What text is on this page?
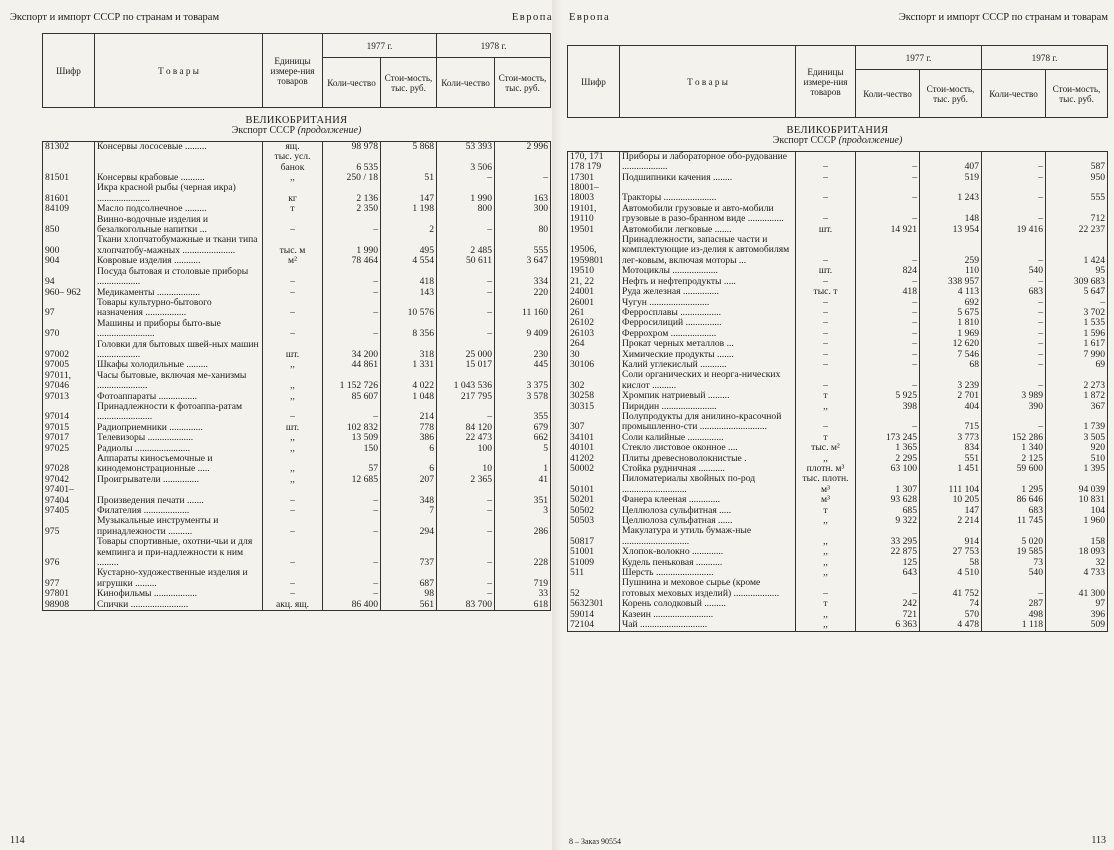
Экспорт и импорт СССР по странам и товарам	Европа
Шифр	Т о в а р ы	Единицы измере-ния товаров	1977 г.		1978 г.	
			Коли-чество	Стои-мость, тыс. руб.	Коли-чество	Стои-мость, тыс. руб.

ВЕЛИКОБРИТАНИЯ
Экспорт СССР (продолжение)						

81302	Консервы лососевые .........	ящ.	98 978	5 868	53 393	2 996
		тыс. усл. банок	6 535		3 506	
81501	Консервы крабовые ..........	,,	250 / 18	51	–	–
81601	Икра красной рыбы (черная икра) ......................	кг	2 136	147	1 990	163
84109	Масло подсолнечное .........	т	2 350	1 198	800	300
850	Винно-водочные изделия и безалкогольные напитки ...	–	–	2	–	80
900	Ткани хлопчатобумажные и ткани типа хлопчатобу-мажных ......................	тыс. м	1 990	495	2 485	555
904	Ковровые изделия ...........	м²	78 464	4 554	50 611	3 647
94	Посуда бытовая и столовые приборы ..................	–	–	418	–	334
960– 962	Медикаменты ..................	–	–	143	–	220
97	Товары культурно-бытового назначения .................	–	–	10 576	–	11 160
970	Машины и приборы быто-вые ........................	–	–	8 356	–	9 409
97002	Головки для бытовых швей-ных машин ..................	шт.	34 200	318	25 000	230
97005	Шкафы холодильные .........	,,	44 861	1 331	15 017	445
97011, 97046	Часы бытовые, включая ме-ханизмы .....................	,,	1 152 726	4 022	1 043 536	3 375
97013	Фотоаппараты ................	,,	85 607	1 048	217 795	3 578
97014	Принадлежности к фотоаппа-ратам .......................	–	–	214	–	355
97015	Радиоприемники ..............	шт.	102 832	778	84 120	679
97017	Телевизоры ...................	,,	13 509	386	22 473	662
97025	Радиолы .......................	,,	150	6	100	5
97028	Аппараты киносъемочные и кинодемонстрационные .....	,,	57	6	10	1
97042	Проигрыватели ...............	,,	12 685	207	2 365	41
97401– 97404	Произведения печати .......	–	–	348	–	351
97405	Филателия ...................	–	–	7	–	3
975	Музыкальные инструменты и принадлежности ..........	–	–	294	–	286
976	Товары спортивные, охотни-чьи и для кемпинга и при-надлежности к ним .........	–	–	737	–	228
977	Кустарно-художественные изделия и игрушки .........	–	–	687	–	719
97801	Кинофильмы ..................	–	–	98	–	33
98908	Спички ........................	акц. ящ.	86 400	561	83 700	618
114
Европа	Экспорт и импорт СССР по странам и товарам
Шифр	Т о в а р ы	Единицы измере-ния товаров	1977 г.		1978 г.	
			Коли-чество	Стои-мость, тыс. руб.	Коли-чество	Стои-мость, тыс. руб.

ВЕЛИКОБРИТАНИЯ
Экспорт СССР (продолжение)						

170, 171 178 179	Приборы и лабораторное обо-рудование ...................	–	–	407	–	587
17301	Подшипники качения ........	–	–	519	–	950
18001– 18003	Тракторы ......................	–	–	1 243	–	555
19101, 19110	Автомобили грузовые и авто-мобили грузовые в разо-бранном виде ...............	–	–	148	–	712
19501	Автомобили легковые .......	шт.	14 921	13 954	19 416	22 237
19506, 1959801	Принадлежности, запасные части и комплектующие из-делия к автомобилям лег-ковым, включая моторы ...	–	–	259	–	1 424
19510	Мотоциклы ...................	шт.	824	110	540	95
21, 22	Нефть и нефтепродукты .....	–	–	338 957	–	309 683
24001	Руда железная ...............	тыс. т	418	4 113	683	5 647
26001	Чугун .........................	–	–	692	–	–
261	Ферросплавы .................	–	–	5 675	–	3 702
26102	Ферросилиций ...............	–	–	1 810	–	1 535
26103	Феррохром ...................	–	–	1 969	–	1 596
264	Прокат черных металлов ...	–	–	12 620	–	1 617
30	Химические продукты .......	–	–	7 546	–	7 990
30106	Калий углекислый ...........	–	–	68	–	69
302	Соли органических и неорга-нических кислот ..........	–	–	3 239	–	2 273
30258	Хромпик натриевый .........	т	5 925	2 701	3 989	1 872
30315	Пиридин .......................	,,	398	404	390	367
307	Полупродукты для анилино-красочной промышленно-сти ............................	–	–	715	–	1 739
34101	Соли калийные ...............	т	173 245	3 773	152 286	3 505
40101	Стекло листовое оконное ....	тыс. м²	1 365	834	1 340	920
41202	Плиты древесноволокнистые .	,,	2 295	551	2 125	510
50002	Стойка рудничная ...........	плотн. м³	63 100	1 451	59 600	1 395
50101	Пиломатериалы хвойных по-род ...........................	тыс. плотн. м³	1 307	111 104	1 295	94 039
50201	Фанера клееная .............	м³	93 628	10 205	86 646	10 831
50502	Целлюлоза сульфитная .....	т	685	147	683	104
50503	Целлюлоза сульфатная ......	,,	9 322	2 214	11 745	1 960
50817	Макулатура и утиль бумаж-ные ............................	,,	33 295	914	5 020	158
51001	Хлопок-волокно .............	,,	22 875	27 753	19 585	18 093
51009	Кудель пеньковая ...........	,,	125	58	73	32
511	Шерсть ........................	,,	643	4 510	540	4 733
52	Пушнина и меховое сырье (кроме готовых меховых изделий) ...................	–	–	41 752	–	41 300
5632301	Корень солодковый .........	т	242	74	287	97
59014	Казеин .........................	,,	721	570	498	396
72104	Чай ............................	,,	6 363	4 478	1 118	509
8 – Заказ 90554	113
